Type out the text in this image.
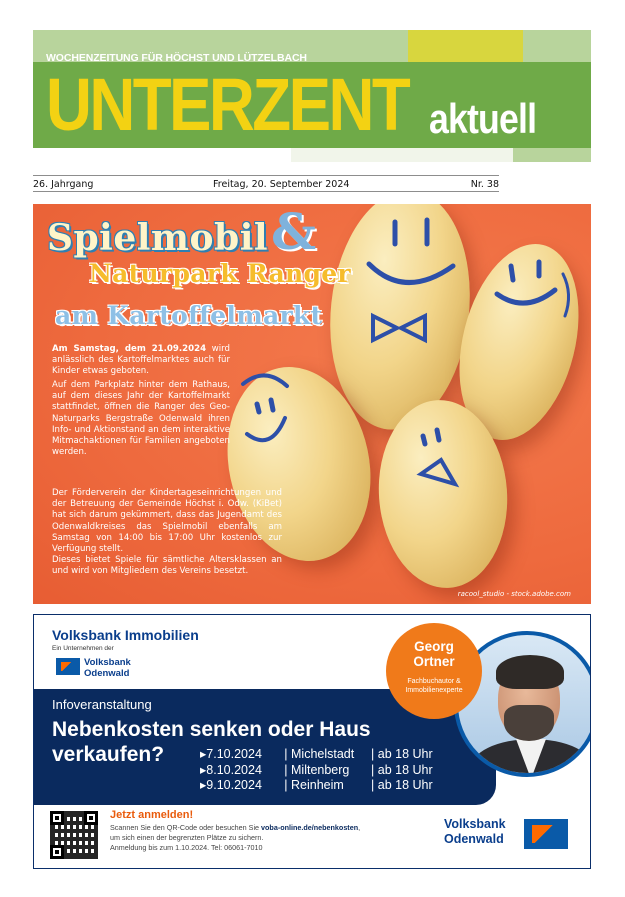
WOCHENZEITUNG FÜR HÖCHST UND LÜTZELBACH
UNTERZENT aktuell
26. Jahrgang	Freitag, 20. September 2024	Nr. 38
Spielmobil &
Naturpark Ranger
am Kartoffelmarkt

Am Samstag, dem 21.09.2024 wird anlässlich des Kartoffelmarktes auch für Kinder etwas geboten.

Auf dem Parkplatz hinter dem Rathaus, auf dem dieses Jahr der Kartoffelmarkt stattfindet, öffnen die Ranger des Geo-Naturparks Bergstraße Odenwald ihren Info- und Aktionstand an dem interaktive Mitmachaktionen für Familien angeboten werden.

Der Förderverein der Kindertageseinrichtungen und der Betreuung der Gemeinde Höchst i. Odw. (KiBet) hat sich darum gekümmert, dass das Jugendamt des Odenwaldkreises das Spielmobil ebenfalls am Samstag von 14:00 bis 17:00 Uhr kostenlos zur Verfügung stellt.
Dieses bietet Spiele für sämtliche Altersklassen an und wird von Mitgliedern des Vereins besetzt.

racool_studio - stock.adobe.com
Volksbank Immobilien
Ein Unternehmen der
Volksbank
Odenwald
Infoveranstaltung
Nebenkosten senken oder Haus verkaufen?	▸7.10.2024 | Michelstadt | ab 18 Uhr
▸8.10.2024 | Miltenberg | ab 18 Uhr
▸9.10.2024 | Reinheim | ab 18 Uhr
Georg
Ortner
Fachbuchautor & Immobilienexperte
Jetzt anmelden!
Scannen Sie den QR-Code oder besuchen Sie voba-online.de/nebenkosten,
um sich einen der begrenzten Plätze zu sichern.
Anmeldung bis zum 1.10.2024. Tel: 06061-7010
Volksbank
Odenwald
